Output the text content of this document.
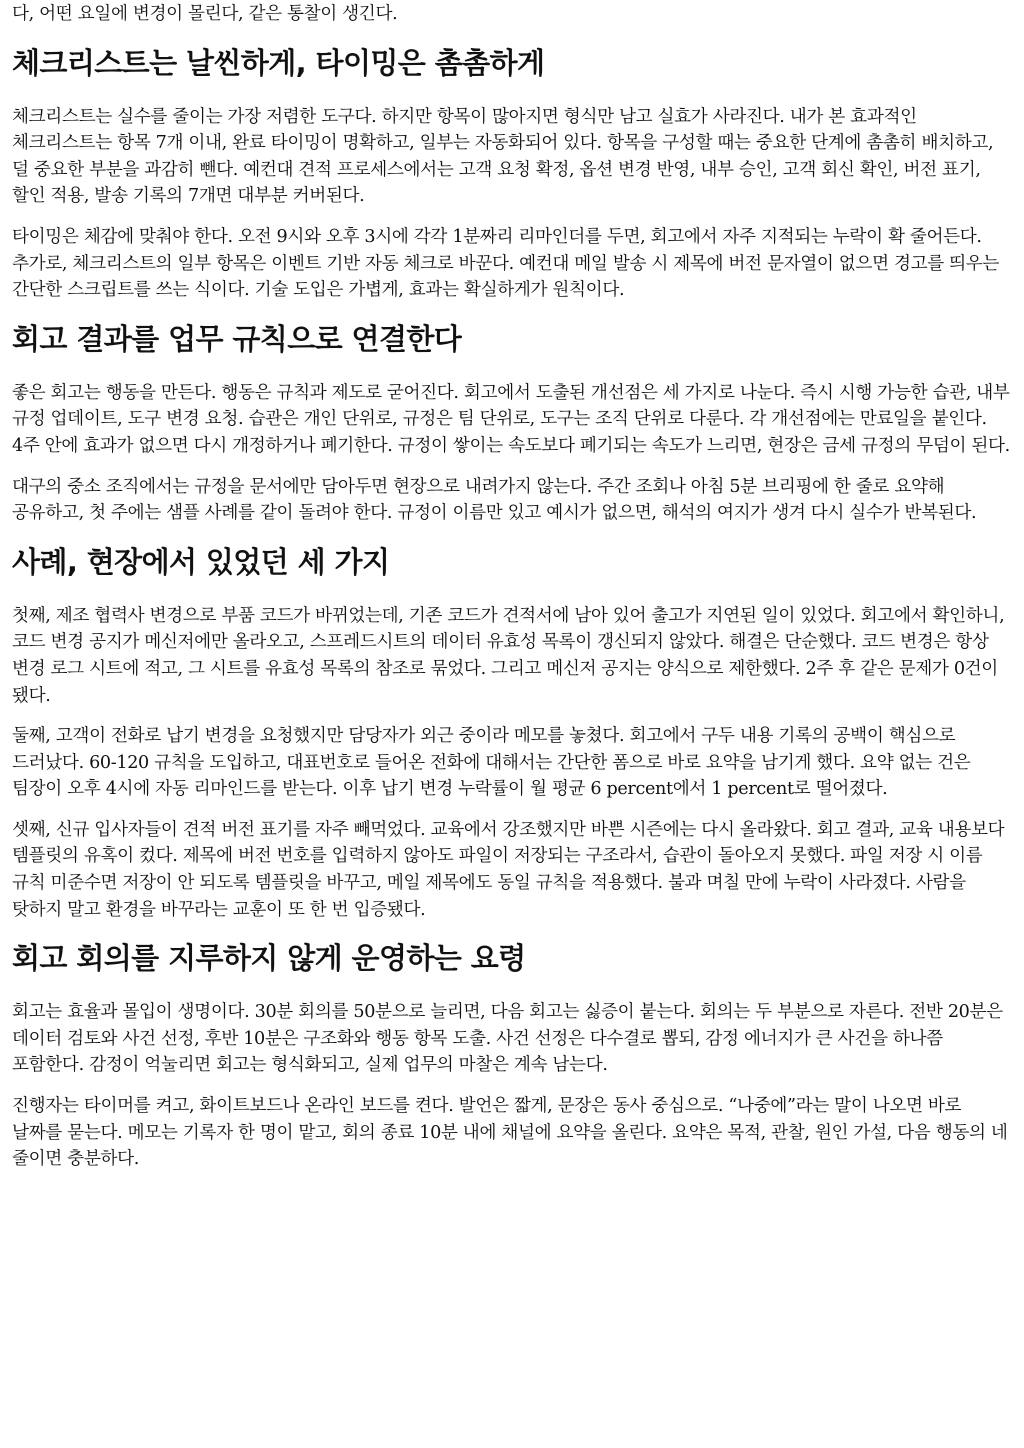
다, 어떤 요일에 변경이 몰린다, 같은 통찰이 생긴다.

체크리스트는 날씬하게, 타이밍은 촘촘하게

체크리스트는 실수를 줄이는 가장 저렴한 도구다. 하지만 항목이 많아지면 형식만 남고 실효가 사라진다. 내가 본 효과적인 체크리스트는 항목 7개 이내, 완료 타이밍이 명확하고, 일부는 자동화되어 있다. 항목을 구성할 때는 중요한 단계에 촘촘히 배치하고, 덜 중요한 부분을 과감히 뺀다. 예컨대 견적 프로세스에서는 고객 요청 확정, 옵션 변경 반영, 내부 승인, 고객 회신 확인, 버전 표기, 할인 적용, 발송 기록의 7개면 대부분 커버된다.

타이밍은 체감에 맞춰야 한다. 오전 9시와 오후 3시에 각각 1분짜리 리마인더를 두면, 회고에서 자주 지적되는 누락이 확 줄어든다. 추가로, 체크리스트의 일부 항목은 이벤트 기반 자동 체크로 바꾼다. 예컨대 메일 발송 시 제목에 버전 문자열이 없으면 경고를 띄우는 간단한 스크립트를 쓰는 식이다. 기술 도입은 가볍게, 효과는 확실하게가 원칙이다.

회고 결과를 업무 규칙으로 연결한다

좋은 회고는 행동을 만든다. 행동은 규칙과 제도로 굳어진다. 회고에서 도출된 개선점은 세 가지로 나눈다. 즉시 시행 가능한 습관, 내부 규정 업데이트, 도구 변경 요청. 습관은 개인 단위로, 규정은 팀 단위로, 도구는 조직 단위로 다룬다. 각 개선점에는 만료일을 붙인다. 4주 안에 효과가 없으면 다시 개정하거나 폐기한다. 규정이 쌓이는 속도보다 폐기되는 속도가 느리면, 현장은 금세 규정의 무덤이 된다.

대구의 중소 조직에서는 규정을 문서에만 담아두면 현장으로 내려가지 않는다. 주간 조회나 아침 5분 브리핑에 한 줄로 요약해 공유하고, 첫 주에는 샘플 사례를 같이 돌려야 한다. 규정이 이름만 있고 예시가 없으면, 해석의 여지가 생겨 다시 실수가 반복된다.

사례, 현장에서 있었던 세 가지

첫째, 제조 협력사 변경으로 부품 코드가 바뀌었는데, 기존 코드가 견적서에 남아 있어 출고가 지연된 일이 있었다. 회고에서 확인하니, 코드 변경 공지가 메신저에만 올라오고, 스프레드시트의 데이터 유효성 목록이 갱신되지 않았다. 해결은 단순했다. 코드 변경은 항상 변경 로그 시트에 적고, 그 시트를 유효성 목록의 참조로 묶었다. 그리고 메신저 공지는 양식으로 제한했다. 2주 후 같은 문제가 0건이 됐다.

둘째, 고객이 전화로 납기 변경을 요청했지만 담당자가 외근 중이라 메모를 놓쳤다. 회고에서 구두 내용 기록의 공백이 핵심으로 드러났다. 60-120 규칙을 도입하고, 대표번호로 들어온 전화에 대해서는 간단한 폼으로 바로 요약을 남기게 했다. 요약 없는 건은 팀장이 오후 4시에 자동 리마인드를 받는다. 이후 납기 변경 누락률이 월 평균 6 percent에서 1 percent로 떨어졌다.

셋째, 신규 입사자들이 견적 버전 표기를 자주 빼먹었다. 교육에서 강조했지만 바쁜 시즌에는 다시 올라왔다. 회고 결과, 교육 내용보다 템플릿의 유혹이 컸다. 제목에 버전 번호를 입력하지 않아도 파일이 저장되는 구조라서, 습관이 돌아오지 못했다. 파일 저장 시 이름 규칙 미준수면 저장이 안 되도록 템플릿을 바꾸고, 메일 제목에도 동일 규칙을 적용했다. 불과 며칠 만에 누락이 사라졌다. 사람을 탓하지 말고 환경을 바꾸라는 교훈이 또 한 번 입증됐다.

회고 회의를 지루하지 않게 운영하는 요령

회고는 효율과 몰입이 생명이다. 30분 회의를 50분으로 늘리면, 다음 회고는 싫증이 붙는다. 회의는 두 부분으로 자른다. 전반 20분은 데이터 검토와 사건 선정, 후반 10분은 구조화와 행동 항목 도출. 사건 선정은 다수결로 뽑되, 감정 에너지가 큰 사건을 하나쯤 포함한다. 감정이 억눌리면 회고는 형식화되고, 실제 업무의 마찰은 계속 남는다.

진행자는 타이머를 켜고, 화이트보드나 온라인 보드를 켠다. 발언은 짧게, 문장은 동사 중심으로. “나중에”라는 말이 나오면 바로 날짜를 묻는다. 메모는 기록자 한 명이 맡고, 회의 종료 10분 내에 채널에 요약을 올린다. 요약은 목적, 관찰, 원인 가설, 다음 행동의 네 줄이면 충분하다.
